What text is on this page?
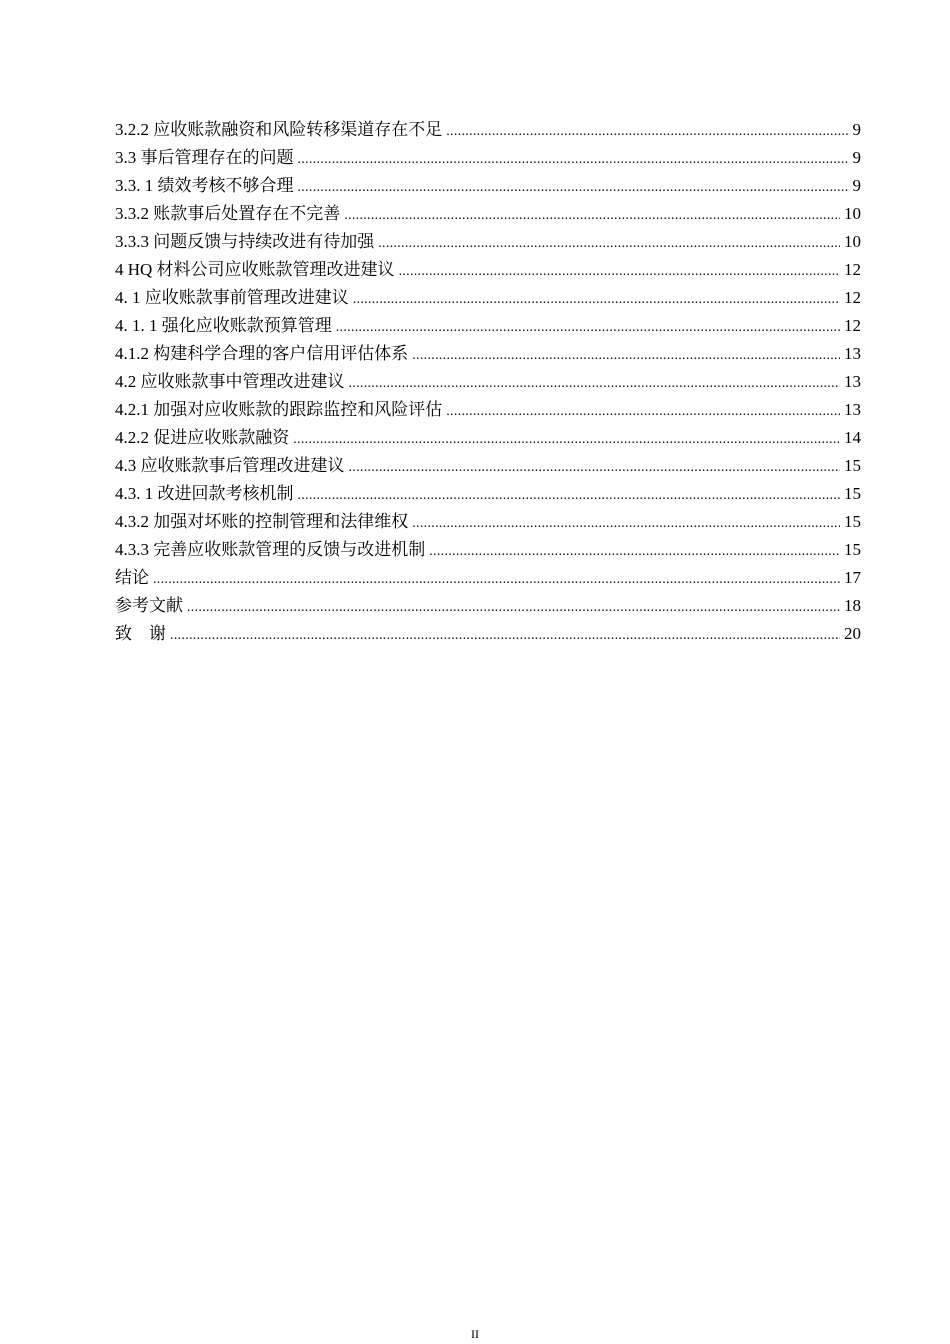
3.2.2 应收账款融资和风险转移渠道存在不足 .....	9
3.3 事后管理存在的问题 .....	9
3.3. 1 绩效考核不够合理 .....	9
3.3.2 账款事后处置存在不完善 .....	10
3.3.3 问题反馈与持续改进有待加强 .....	10
4 HQ 材料公司应收账款管理改进建议 .....	12
4. 1 应收账款事前管理改进建议 .....	12
4. 1. 1 强化应收账款预算管理 .....	12
4.1.2 构建科学合理的客户信用评估体系 .....	13
4.2 应收账款事中管理改进建议 .....	13
4.2.1 加强对应收账款的跟踪监控和风险评估 .....	13
4.2.2 促进应收账款融资 .....	14
4.3 应收账款事后管理改进建议 .....	15
4.3. 1 改进回款考核机制 .....	15
4.3.2 加强对坏账的控制管理和法律维权 .....	15
4.3.3 完善应收账款管理的反馈与改进机制 .....	15
结论 .....	17
参考文献 .....	18
致　谢 .....	20
II
